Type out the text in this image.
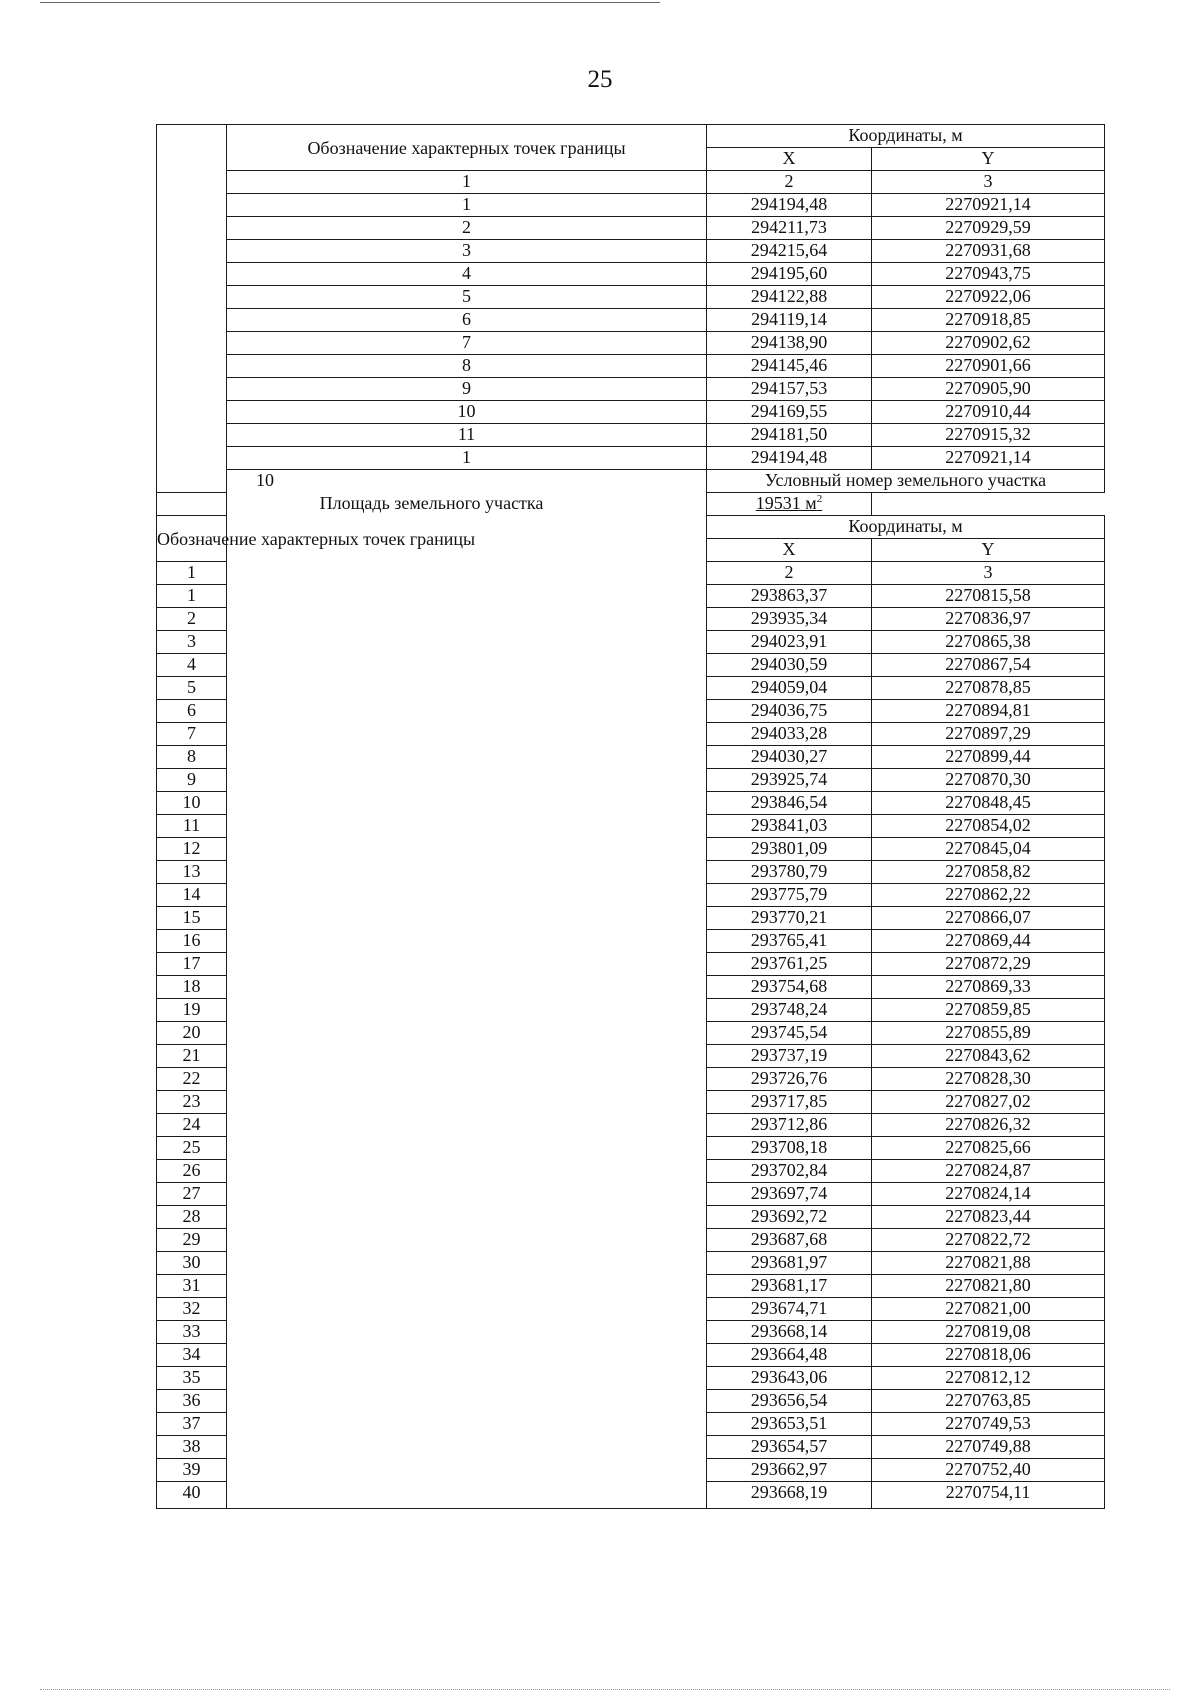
25
	Обозначение характерных точек границы	Координаты, м		
		X	Y	
	1	2	3	
	1	294194,48	2270921,14	
	2	294211,73	2270929,59	
	3	294215,64	2270931,68	
	4	294195,60	2270943,75	
	5	294122,88	2270922,06	
	6	294119,14	2270918,85	
	7	294138,90	2270902,62	
	8	294145,46	2270901,66	
	9	294157,53	2270905,90	
	10	294169,55	2270910,44	
	11	294181,50	2270915,32	
	1	294194,48	2270921,14	
	10	Условный номер земельного участка	
Площадь земельного участка		19531 $м^2$
Обозначение характерных точек границы		Координаты, м		
		X	Y	
1		2	3	
1		293863,37	2270815,58	
2		293935,34	2270836,97	
3		294023,91	2270865,38	
4		294030,59	2270867,54	
5		294059,04	2270878,85	
6		294036,75	2270894,81	
7		294033,28	2270897,29	
8		294030,27	2270899,44	
9		293925,74	2270870,30	
10		293846,54	2270848,45	
11		293841,03	2270854,02	
12		293801,09	2270845,04	
13		293780,79	2270858,82	
14		293775,79	2270862,22	
15		293770,21	2270866,07	
16		293765,41	2270869,44	
17		293761,25	2270872,29	
18		293754,68	2270869,33	
19		293748,24	2270859,85	
20		293745,54	2270855,89	
21		293737,19	2270843,62	
22		293726,76	2270828,30	
23		293717,85	2270827,02	
24		293712,86	2270826,32	
25		293708,18	2270825,66	
26		293702,84	2270824,87	
27		293697,74	2270824,14	
28		293692,72	2270823,44	
29		293687,68	2270822,72	
30		293681,97	2270821,88	
31		293681,17	2270821,80	
32		293674,71	2270821,00	
33		293668,14	2270819,08	
34		293664,48	2270818,06	
35		293643,06	2270812,12	
36		293656,54	2270763,85	
37		293653,51	2270749,53	
38		293654,57	2270749,88	
39		293662,97	2270752,40	
40		293668,19	2270754,11	
